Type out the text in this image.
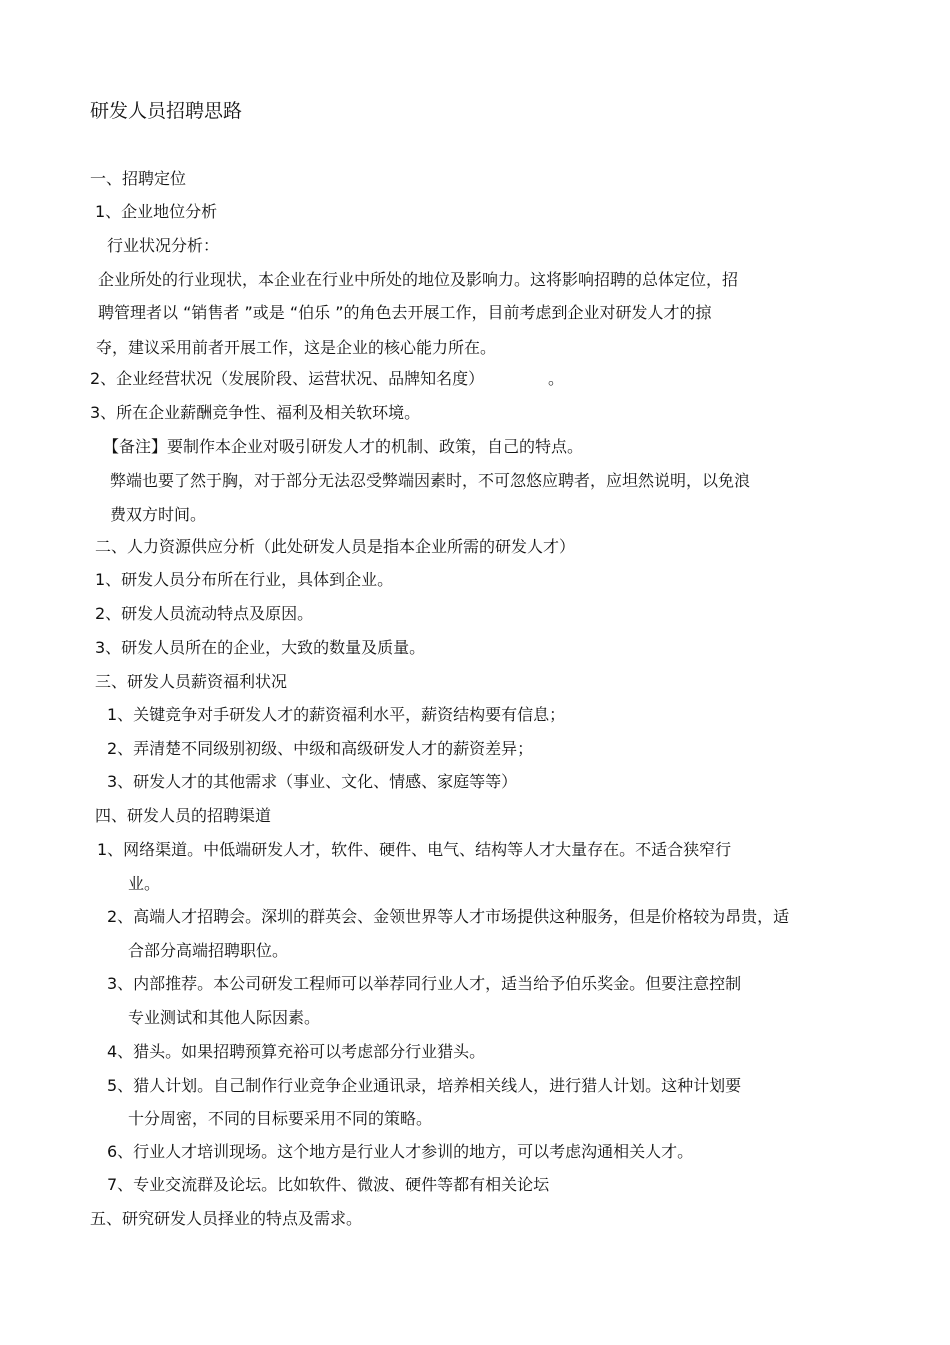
研发人员招聘思路
一、招聘定位
1、企业地位分析
行业状况分析：
企业所处的行业现状，本企业在行业中所处的地位及影响力。这将影响招聘的总体定位，招
聘管理者以 “销售者 ”或是 “伯乐 ”的角色去开展工作，目前考虑到企业对研发人才的掠
夺，建议采用前者开展工作，这是企业的核心能力所在。
2、企业经营状况（发展阶段、运营状况、品牌知名度）	。
3、所在企业薪酬竞争性、福利及相关软环境。
【备注】要制作本企业对吸引研发人才的机制、政策，自己的特点。
弊端也要了然于胸，对于部分无法忍受弊端因素时，不可忽悠应聘者，应坦然说明，以免浪
费双方时间。
二、人力资源供应分析（此处研发人员是指本企业所需的研发人才）
1、研发人员分布所在行业，具体到企业。
2、研发人员流动特点及原因。
3、研发人员所在的企业，大致的数量及质量。
三、研发人员薪资福利状况
1、关键竞争对手研发人才的薪资福利水平，薪资结构要有信息；
2、弄清楚不同级别初级、中级和高级研发人才的薪资差异；
3、研发人才的其他需求（事业、文化、情感、家庭等等）
四、研发人员的招聘渠道
1、网络渠道。中低端研发人才，软件、硬件、电气、结构等人才大量存在。不适合狭窄行
业。
2、高端人才招聘会。深圳的群英会、金领世界等人才市场提供这种服务，但是价格较为昂贵，适
合部分高端招聘职位。
3、内部推荐。本公司研发工程师可以举荐同行业人才，适当给予伯乐奖金。但要注意控制
专业测试和其他人际因素。
4、猎头。如果招聘预算充裕可以考虑部分行业猎头。
5、猎人计划。自己制作行业竞争企业通讯录，培养相关线人，进行猎人计划。这种计划要
十分周密，不同的目标要采用不同的策略。
6、行业人才培训现场。这个地方是行业人才参训的地方，可以考虑沟通相关人才。
7、专业交流群及论坛。比如软件、微波、硬件等都有相关论坛
五、研究研发人员择业的特点及需求。
